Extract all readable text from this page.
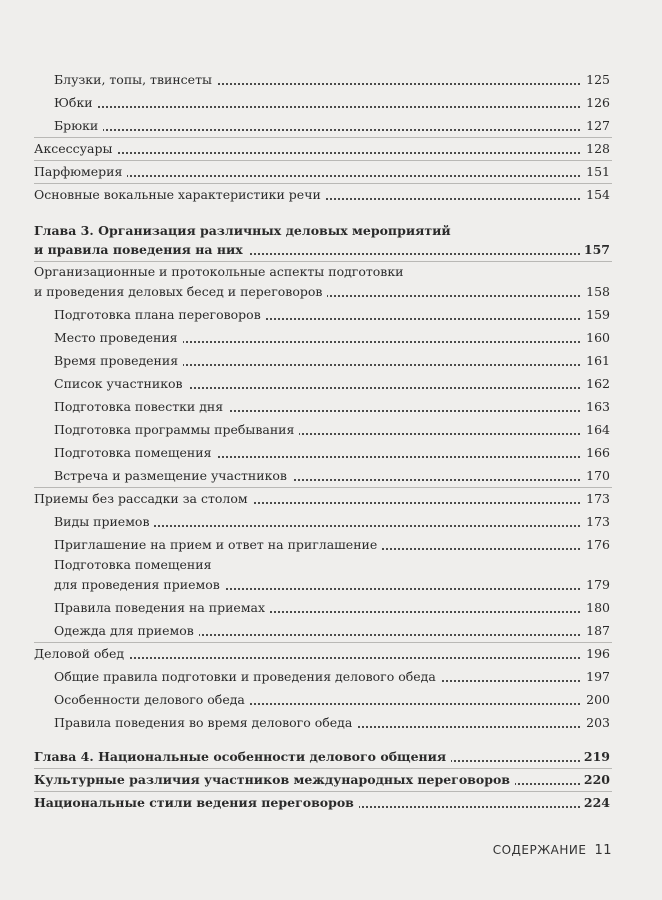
Блузки, топы, твинсеты	125
Юбки	126
Брюки	127
Аксессуары	128
Парфюмерия	151
Основные вокальные характеристики речи	154
Глава 3. Организация различных деловых мероприятий
и правила поведения на них	157
Организационные и протокольные аспекты подготовки
и проведения деловых бесед и переговоров	158
Подготовка плана переговоров	159
Место проведения	160
Время проведения	161
Список участников	162
Подготовка повестки дня	163
Подготовка программы пребывания	164
Подготовка помещения	166
Встреча и размещение участников	170
Приемы без рассадки за столом	173
Виды приемов	173
Приглашение на прием и ответ на приглашение	176
Подготовка помещения
для проведения приемов	179
Правила поведения на приемах	180
Одежда для приемов	187
Деловой обед	196
Общие правила подготовки и проведения делового обеда	197
Особенности делового обеда	200
Правила поведения во время делового обеда	203
Глава 4. Национальные особенности делового общения	219
Культурные различия участников международных переговоров	220
Национальные стили ведения переговоров	224
СОДЕРЖАНИЕ 11
